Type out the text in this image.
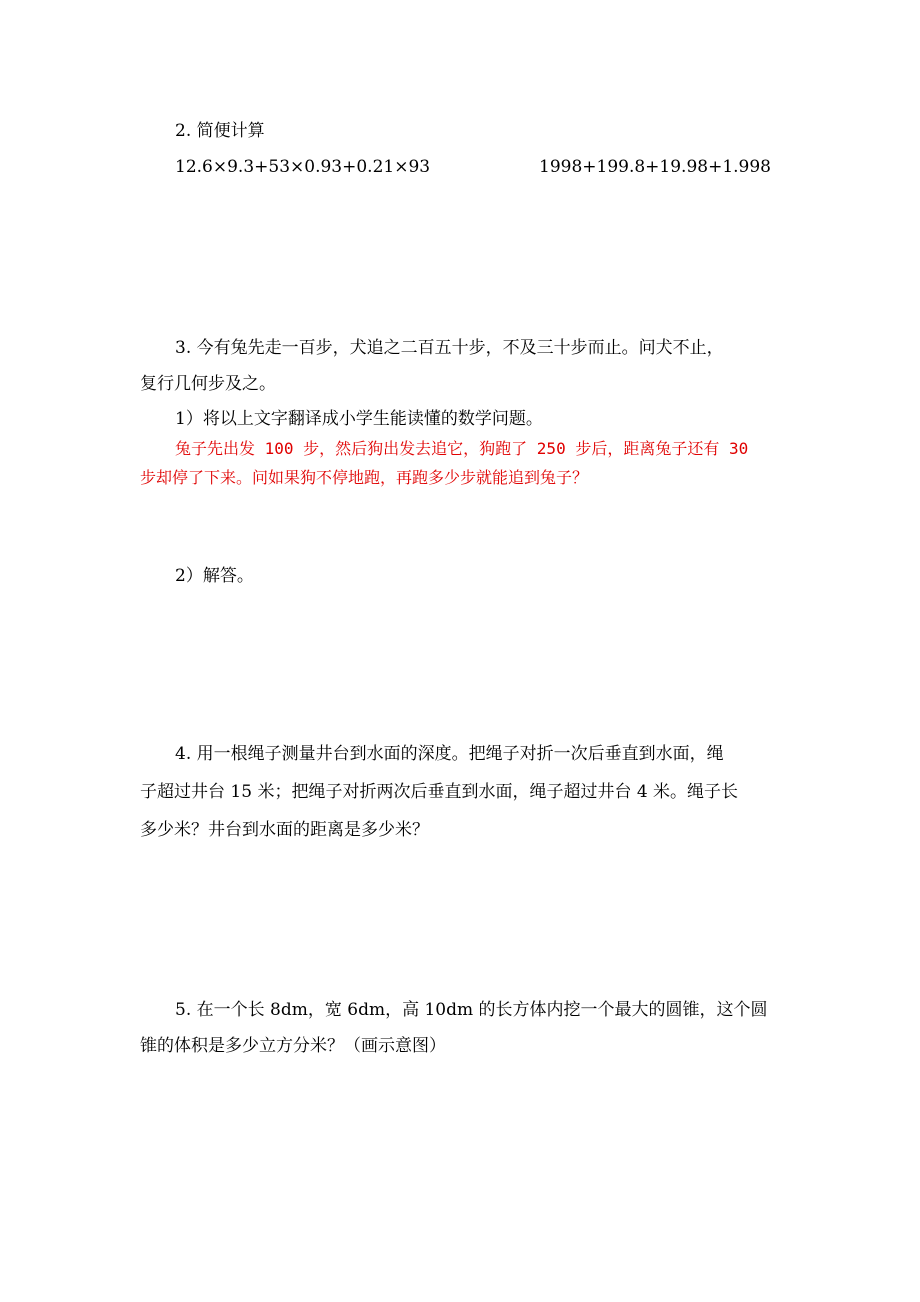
2. 简便计算
12.6×9.3+53×0.93+0.21×93	1998+199.8+19.98+1.998
3. 今有兔先走一百步，犬追之二百五十步，不及三十步而止。问犬不止，
复行几何步及之。
1）将以上文字翻译成小学生能读懂的数学问题。
兔子先出发 100 步，然后狗出发去追它，狗跑了 250 步后，距离兔子还有 30
步却停了下来。问如果狗不停地跑，再跑多少步就能追到兔子？
2）解答。
4. 用一根绳子测量井台到水面的深度。把绳子对折一次后垂直到水面，绳
子超过井台 15 米；把绳子对折两次后垂直到水面，绳子超过井台 4 米。绳子长
多少米？井台到水面的距离是多少米？
5. 在一个长 8dm，宽 6dm，高 10dm 的长方体内挖一个最大的圆锥，这个圆
锥的体积是多少立方分米？（画示意图）
